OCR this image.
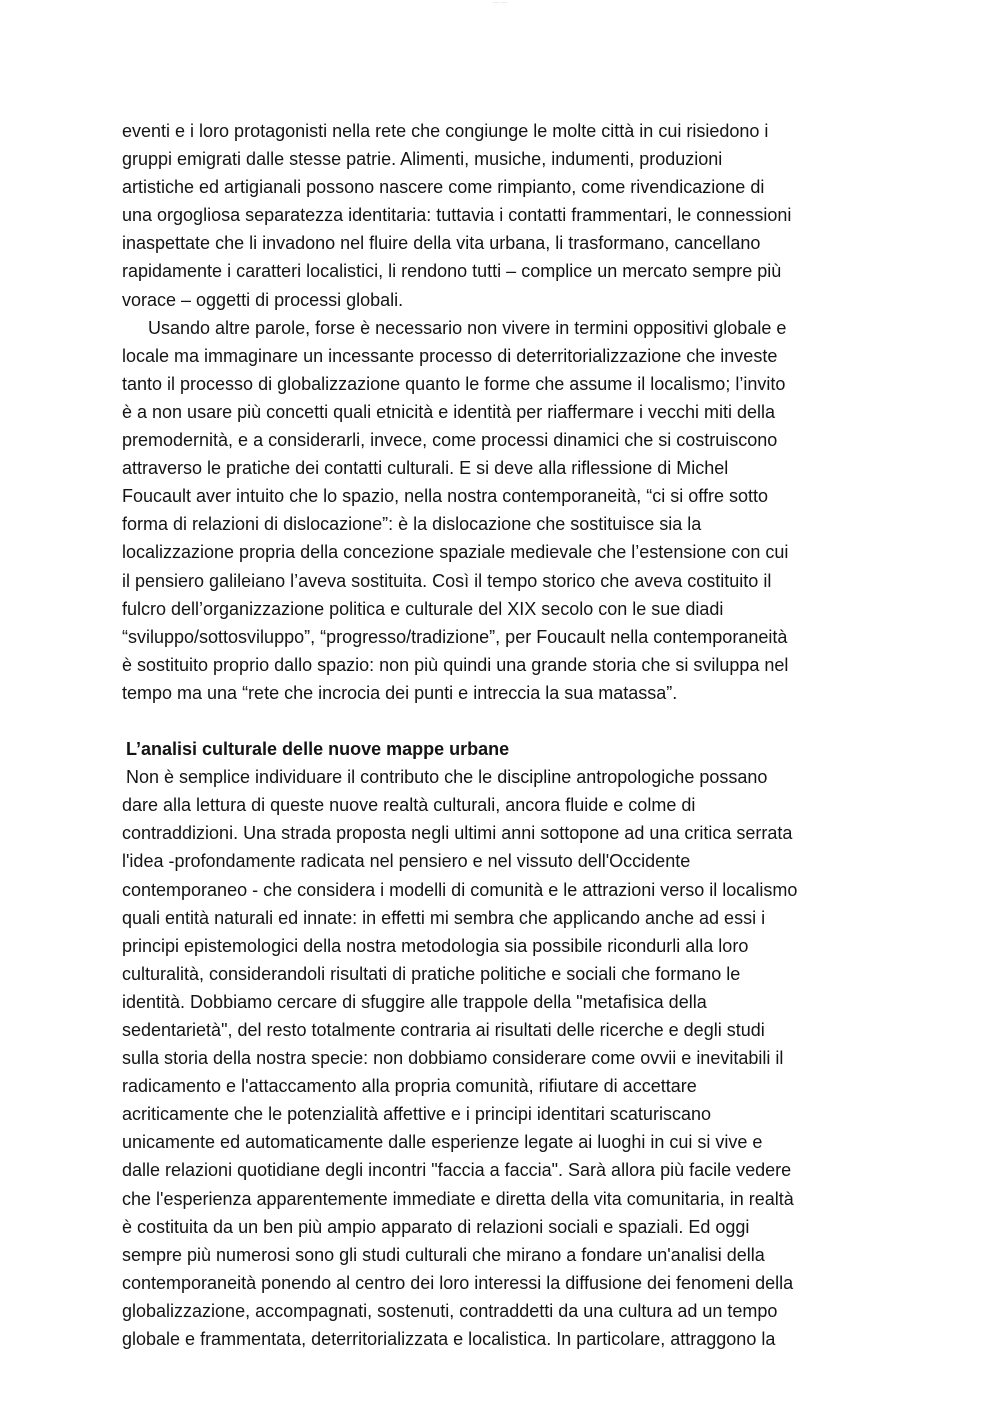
—— · ——
eventi e i loro protagonisti nella rete che congiunge le molte città in cui risiedono i
gruppi emigrati dalle stesse patrie. Alimenti, musiche, indumenti, produzioni
artistiche ed artigianali possono nascere come rimpianto, come rivendicazione di
una orgogliosa separatezza identitaria: tuttavia i contatti frammentari, le connessioni
inaspettate che li invadono nel fluire della vita urbana, li trasformano, cancellano
rapidamente i caratteri localistici, li rendono tutti – complice un mercato sempre più
vorace – oggetti di processi globali.
Usando altre parole, forse è necessario non vivere in termini oppositivi globale e
locale ma immaginare un incessante processo di deterritorializzazione che investe
tanto il processo di globalizzazione quanto le forme che assume il localismo; l’invito
è a non usare più concetti quali etnicità e identità per riaffermare i vecchi miti della
premodernità, e a considerarli, invece, come processi dinamici che si costruiscono
attraverso le pratiche dei contatti culturali. E si deve alla riflessione di Michel
Foucault aver intuito che lo spazio, nella nostra contemporaneità, “ci si offre sotto
forma di relazioni di dislocazione”: è la dislocazione che sostituisce sia la
localizzazione propria della concezione spaziale medievale che l’estensione con cui
il pensiero galileiano l’aveva sostituita. Così il tempo storico che aveva costituito il
fulcro dell’organizzazione politica e culturale del XIX secolo con le sue diadi
“sviluppo/sottosviluppo”, “progresso/tradizione”, per Foucault nella contemporaneità
è sostituito proprio dallo spazio: non più quindi una grande storia che si sviluppa nel
tempo ma una “rete che incrocia dei punti e intreccia la sua matassa”.
L’analisi culturale delle nuove mappe urbane
Non è semplice individuare il contributo che le discipline antropologiche possano
dare alla lettura di queste nuove realtà culturali, ancora fluide e colme di
contraddizioni. Una strada proposta negli ultimi anni sottopone ad una critica serrata
l'idea -profondamente radicata nel pensiero e nel vissuto dell'Occidente
contemporaneo - che considera i modelli di comunità e le attrazioni verso il localismo
quali entità naturali ed innate: in effetti mi sembra che applicando anche ad essi i
principi epistemologici della nostra metodologia sia possibile ricondurli alla loro
culturalità, considerandoli risultati di pratiche politiche e sociali che formano le
identità. Dobbiamo cercare di sfuggire alle trappole della "metafisica della
sedentarietà", del resto totalmente contraria ai risultati delle ricerche e degli studi
sulla storia della nostra specie: non dobbiamo considerare come ovvii e inevitabili il
radicamento e l'attaccamento alla propria comunità, rifiutare di accettare
acriticamente che le potenzialità affettive e i principi identitari scaturiscano
unicamente ed automaticamente dalle esperienze legate ai luoghi in cui si vive e
dalle relazioni quotidiane degli incontri "faccia a faccia". Sarà allora più facile vedere
che l'esperienza apparentemente immediate e diretta della vita comunitaria, in realtà
è costituita da un ben più ampio apparato di relazioni sociali e spaziali. Ed oggi
sempre più numerosi sono gli studi culturali che mirano a fondare un'analisi della
contemporaneità ponendo al centro dei loro interessi la diffusione dei fenomeni della
globalizzazione, accompagnati, sostenuti, contraddetti da una cultura ad un tempo
globale e frammentata, deterritorializzata e localistica. In particolare, attraggono la
